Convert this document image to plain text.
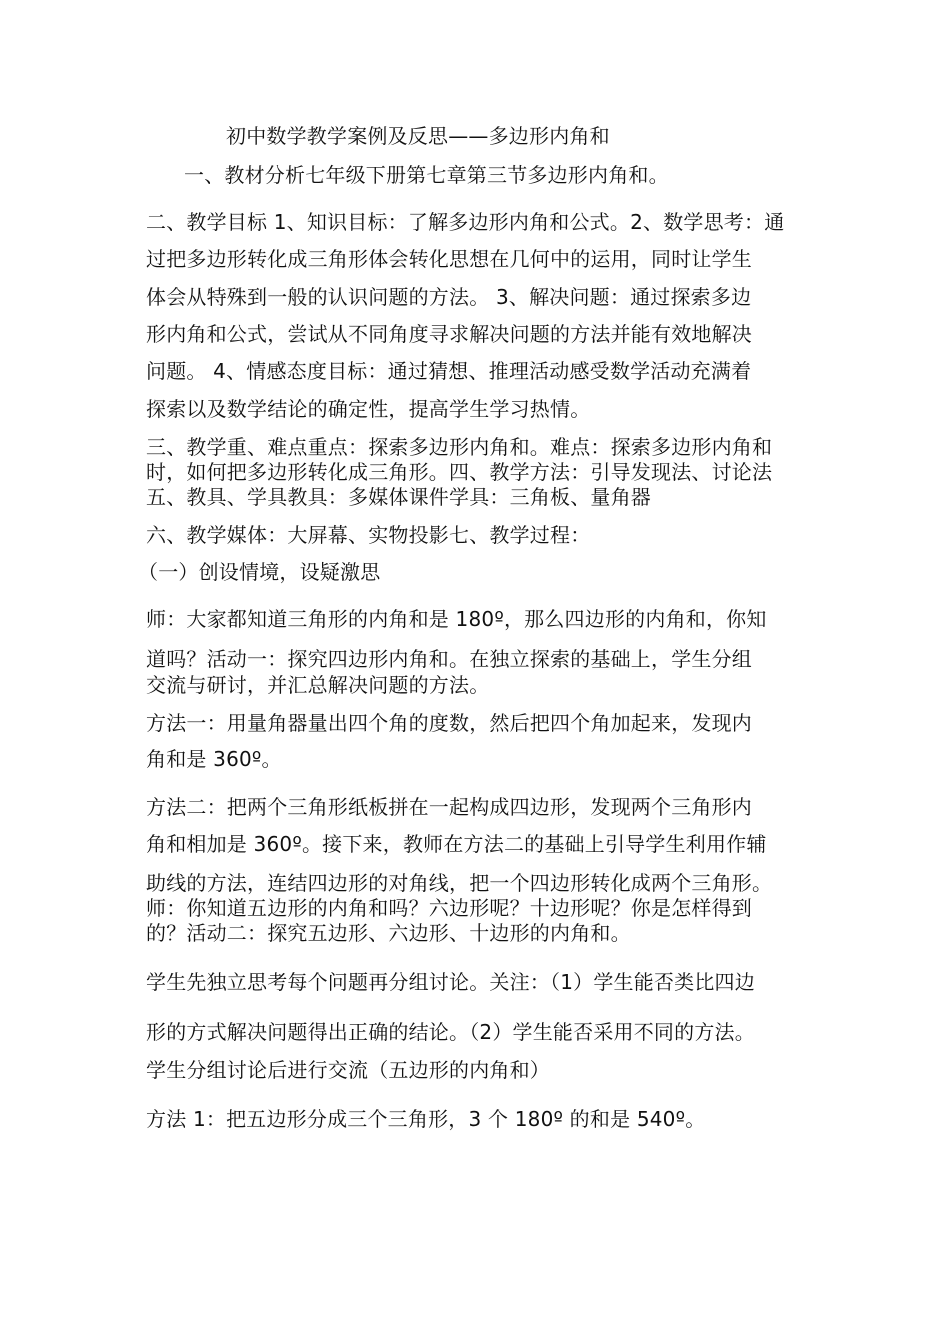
初中数学教学案例及反思——多边形内角和

一、教材分析七年级下册第七章第三节多边形内角和。

二、教学目标 1、知识目标：了解多边形内角和公式。2、数学思考：通

过把多边形转化成三角形体会转化思想在几何中的运用，同时让学生

体会从特殊到一般的认识问题的方法。 3、解决问题：通过探索多边

形内角和公式，尝试从不同角度寻求解决问题的方法并能有效地解决

问题。 4、情感态度目标：通过猜想、推理活动感受数学活动充满着

探索以及数学结论的确定性，提高学生学习热情。

三、教学重、难点重点：探索多边形内角和。难点：探索多边形内角和

时，如何把多边形转化成三角形。四、教学方法：引导发现法、讨论法

五、教具、学具教具：多媒体课件学具：三角板、量角器

六、教学媒体：大屏幕、实物投影七、教学过程：

（一）创设情境，设疑激思

师：大家都知道三角形的内角和是 180º，那么四边形的内角和，你知

道吗？活动一：探究四边形内角和。在独立探索的基础上，学生分组

交流与研讨，并汇总解决问题的方法。

方法一：用量角器量出四个角的度数，然后把四个角加起来，发现内

角和是 360º。

方法二：把两个三角形纸板拼在一起构成四边形，发现两个三角形内

角和相加是 360º。接下来，教师在方法二的基础上引导学生利用作辅

助线的方法，连结四边形的对角线，把一个四边形转化成两个三角形。

师：你知道五边形的内角和吗？六边形呢？十边形呢？你是怎样得到

的？活动二：探究五边形、六边形、十边形的内角和。

学生先独立思考每个问题再分组讨论。关注：（1）学生能否类比四边

形的方式解决问题得出正确的结论。（2）学生能否采用不同的方法。

学生分组讨论后进行交流（五边形的内角和）

方法 1：把五边形分成三个三角形，3 个 180º 的和是 540º。
